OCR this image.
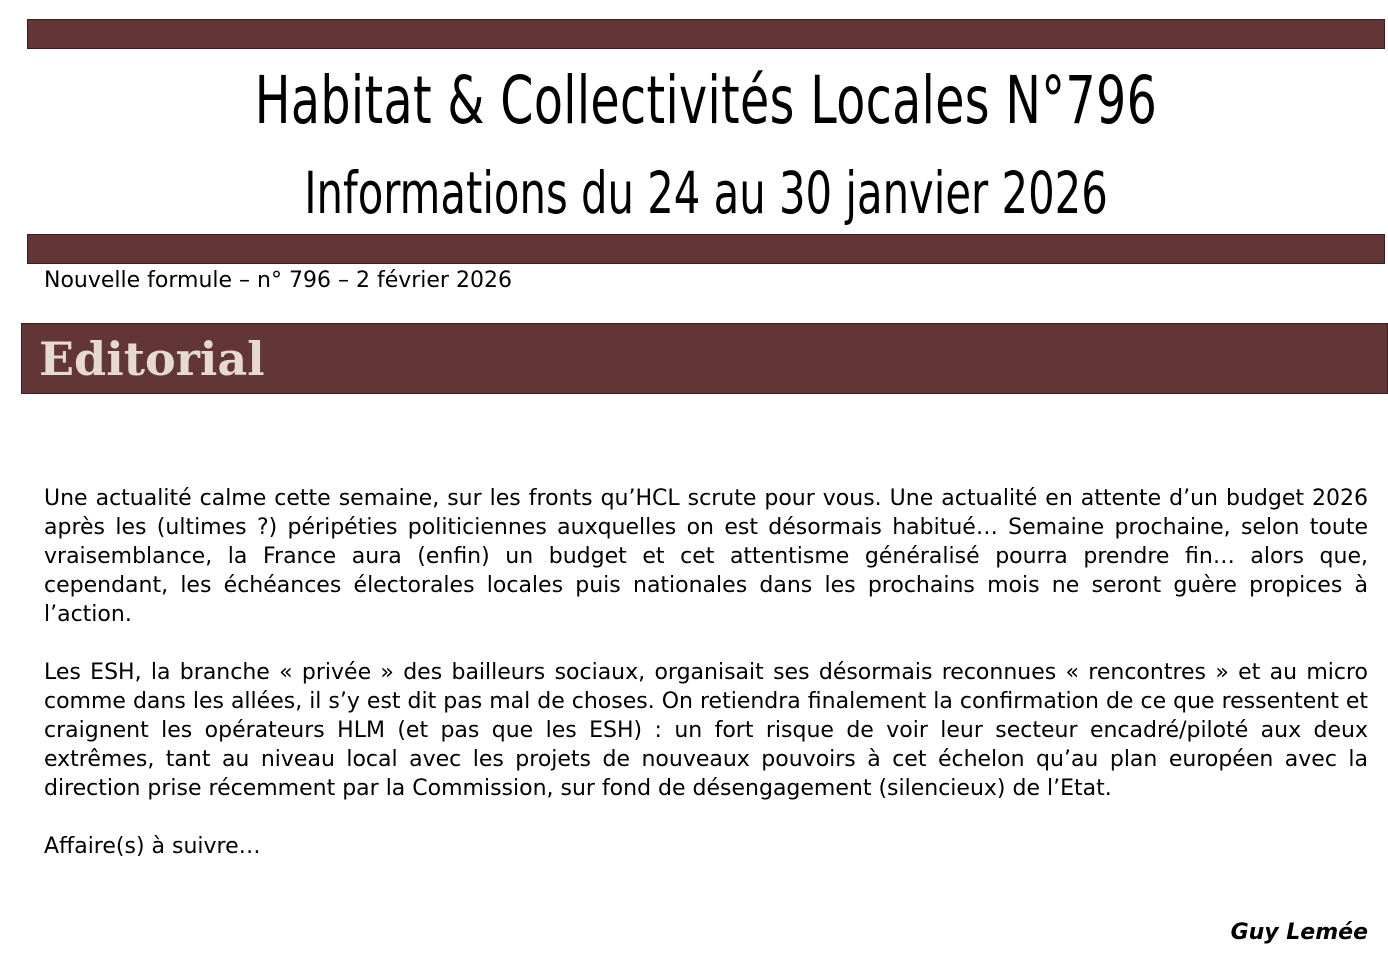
Habitat & Collectivités Locales N°796
Informations du 24 au 30 janvier 2026
Nouvelle formule – n° 796 – 2 février 2026
Editorial

Une actualité calme cette semaine, sur les fronts qu’HCL scrute pour vous. Une actualité en attente d’un budget 2026 après les (ultimes ?) péripéties politiciennes auxquelles on est désormais habitué… Semaine prochaine, selon toute vraisemblance, la France aura (enfin) un budget et cet attentisme généralisé pourra prendre fin… alors que, cependant, les échéances électorales locales puis nationales dans les prochains mois ne seront guère propices à l’action.

Les ESH, la branche « privée » des bailleurs sociaux, organisait ses désormais reconnues « rencontres » et au micro comme dans les allées, il s’y est dit pas mal de choses. On retiendra finalement la confirmation de ce que ressentent et craignent les opérateurs HLM (et pas que les ESH) : un fort risque de voir leur secteur encadré/piloté aux deux extrêmes, tant au niveau local avec les projets de nouveaux pouvoirs à cet échelon qu’au plan européen avec la direction prise récemment par la Commission, sur fond de désengagement (silencieux) de l’Etat.

Affaire(s) à suivre…

Guy Lemée
